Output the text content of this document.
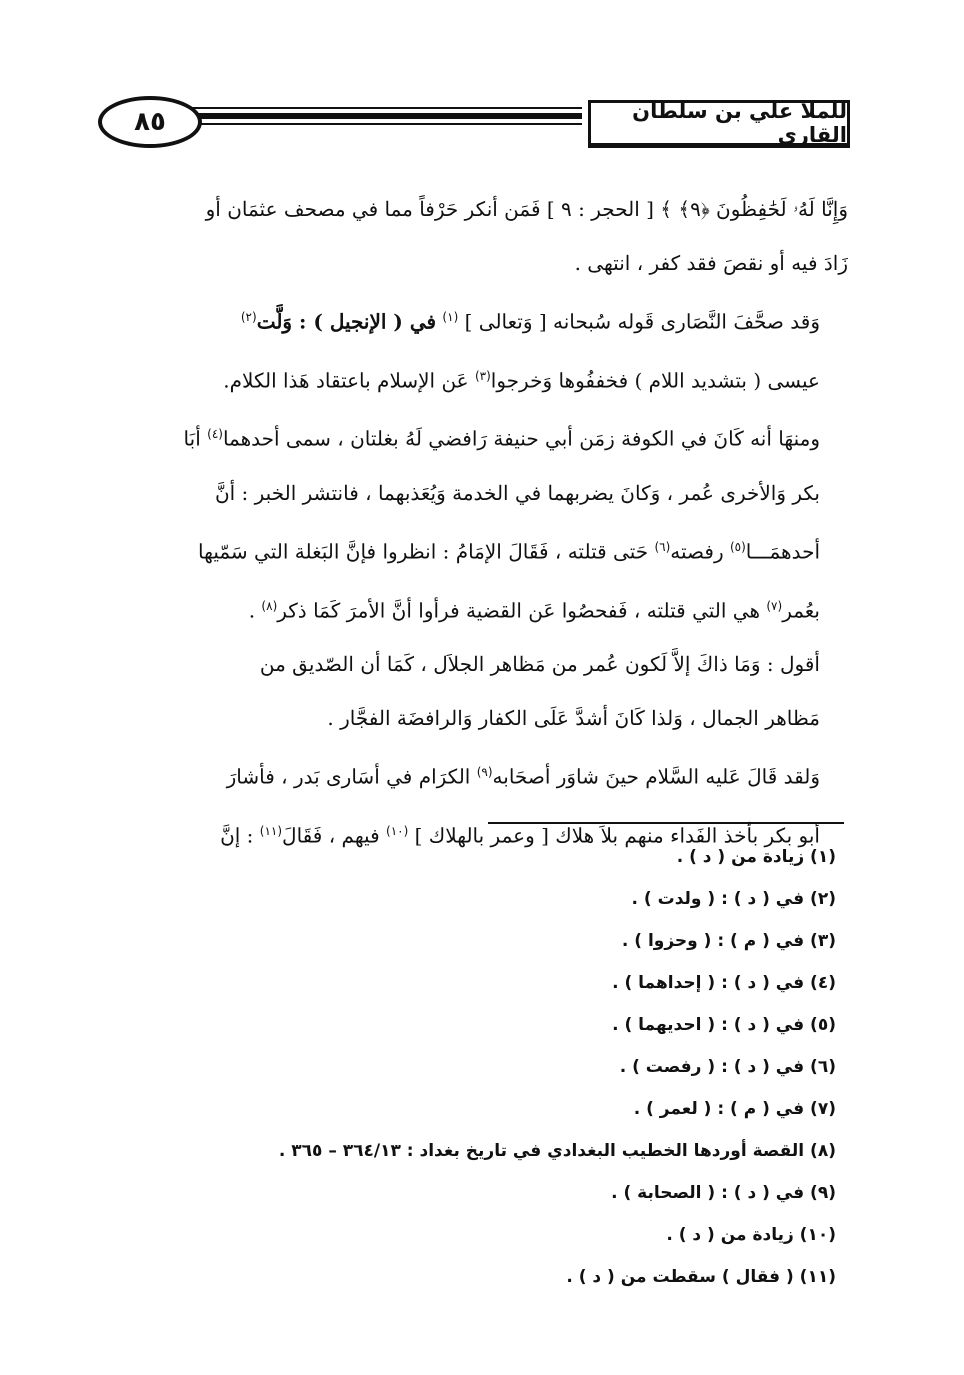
٨٥	للملا علي بن سلطان القاري

وَإِنَّا لَهُۥ لَحَٰفِظُونَ ﴿٩﴾ ﴾ [ الحجر : ٩ ] فَمَن أنكر حَرْفاً مما في مصحف عثمَان أو
زَادَ فيه أو نقصَ فقد كفر ، انتهى .

وَقد صحَّفَ النَّصَارى قَوله سُبحانه [ وَتعالى ] $^{(١)}$ في ( الإنجيل ) : وَلَّت$^{(٢)}$
عيسى ( بتشديد اللام ) فخففُوها وَخرجوا$^{(٣)}$ عَن الإسلام باعتقاد هَذا الكلام.

ومنهَا أنه كَانَ في الكوفة زمَن أبي حنيفة رَافضي لَهُ بغلتان ، سمى أحدهما$^{(٤)}$ أبَا
بكر وَالأخرى عُمر ، وَكانَ يضربهما في الخدمة وَيُعَذبهما ، فانتشر الخبر : أنَّ
أحدهمَـــا$^{(٥)}$ رفصته$^{(٦)}$ حَتى قتلته ، فَقَالَ الإمَامُ : انظروا فإنَّ البَغلة التي سَمّيها
بعُمر$^{(٧)}$ هي التي قتلته ، فَفحصُوا عَن القضية فرأوا أنَّ الأمرَ كَمَا ذكر$^{(٨)}$ .

أقول : وَمَا ذاكَ إلاَّ لَكون عُمر من مَظاهر الجلاَل ، كَمَا أن الصّديق من
مَظاهر الجمال ، وَلذا كَانَ أشدَّ عَلَى الكفار وَالرافضَة الفجَّار .

وَلقد قَالَ عَليه السَّلام حينَ شاوَر أصحَابه$^{(٩)}$ الكرَام في أسَارى بَدر ، فأشارَ
أبو بكر بأخذ الفَداء منهم بلاَ هلاك [ وعمر بالهلاك ] $^{(١٠)}$ فيهم ، فَقَالَ$^{(١١)}$ : إنَّ

(١) زيادة من ( د ) .
(٢) في ( د ) : ( ولدت ) .
(٣) في ( م ) : ( وحزوا ) .
(٤) في ( د ) : ( إحداهما ) .
(٥) في ( د ) : ( احديهما ) .
(٦) في ( د ) : ( رفصت ) .
(٧) في ( م ) : ( لعمر ) .
(٨) القصة أوردها الخطيب البغدادي في تاريخ بغداد : ٣٦٤/١٣ – ٣٦٥ .
(٩) في ( د ) : ( الصحابة ) .
(١٠) زيادة من ( د ) .
(١١) ( فقال ) سقطت من ( د ) .
